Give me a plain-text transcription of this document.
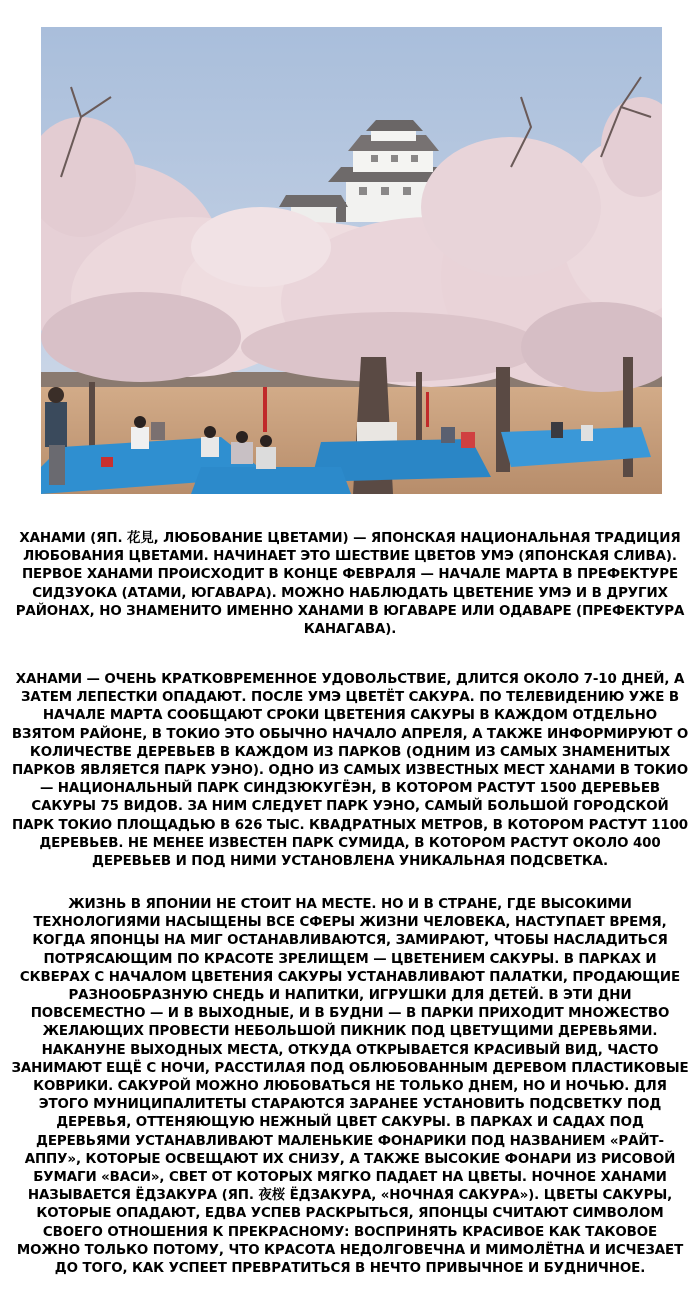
ХАНАМИ (ЯП. 花見, ЛЮБОВАНИЕ ЦВЕТАМИ) — ЯПОНСКАЯ НАЦИОНАЛЬНАЯ ТРАДИЦИЯ ЛЮБОВАНИЯ ЦВЕТАМИ. НАЧИНАЕТ ЭТО ШЕСТВИЕ ЦВЕТОВ УМЭ (ЯПОНСКАЯ СЛИВА). ПЕРВОЕ ХАНАМИ ПРОИСХОДИТ В КОНЦЕ ФЕВРАЛЯ — НАЧАЛЕ МАРТА В ПРЕФЕКТУРЕ СИДЗУОКА (АТАМИ, ЮГАВАРА). МОЖНО НАБЛЮДАТЬ ЦВЕТЕНИЕ УМЭ И В ДРУГИХ РАЙОНАХ, НО ЗНАМЕНИТО ИМЕННО ХАНАМИ В ЮГАВАРЕ ИЛИ ОДАВАРЕ (ПРЕФЕКТУРА КАНАГАВА).

ХАНАМИ — ОЧЕНЬ КРАТКОВРЕМЕННОЕ УДОВОЛЬСТВИЕ, ДЛИТСЯ ОКОЛО 7-10 ДНЕЙ, А ЗАТЕМ ЛЕПЕСТКИ ОПАДАЮТ. ПОСЛЕ УМЭ ЦВЕТЁТ САКУРА. ПО ТЕЛЕВИДЕНИЮ УЖЕ В НАЧАЛЕ МАРТА СООБЩАЮТ СРОКИ ЦВЕТЕНИЯ САКУРЫ В КАЖДОМ ОТДЕЛЬНО ВЗЯТОМ РАЙОНЕ, В ТОКИО ЭТО ОБЫЧНО НАЧАЛО АПРЕЛЯ, А ТАКЖЕ ИНФОРМИРУЮТ О КОЛИЧЕСТВЕ ДЕРЕВЬЕВ В КАЖДОМ ИЗ ПАРКОВ (ОДНИМ ИЗ САМЫХ ЗНАМЕНИТЫХ ПАРКОВ ЯВЛЯЕТСЯ ПАРК УЭНО). ОДНО ИЗ САМЫХ ИЗВЕСТНЫХ МЕСТ ХАНАМИ В ТОКИО — НАЦИОНАЛЬНЫЙ ПАРК СИНДЗЮКУГЁЭН, В КОТОРОМ РАСТУТ 1500 ДЕРЕВЬЕВ САКУРЫ 75 ВИДОВ. ЗА НИМ СЛЕДУЕТ ПАРК УЭНО, САМЫЙ БОЛЬШОЙ ГОРОДСКОЙ ПАРК ТОКИО ПЛОЩАДЬЮ В 626 ТЫС. КВАДРАТНЫХ МЕТРОВ, В КОТОРОМ РАСТУТ 1100 ДЕРЕВЬЕВ. НЕ МЕНЕЕ ИЗВЕСТЕН ПАРК СУМИДА, В КОТОРОМ РАСТУТ ОКОЛО 400 ДЕРЕВЬЕВ И ПОД НИМИ УСТАНОВЛЕНА УНИКАЛЬНАЯ ПОДСВЕТКА.

ЖИЗНЬ В ЯПОНИИ НЕ СТОИТ НА МЕСТЕ. НО И В СТРАНЕ, ГДЕ ВЫСОКИМИ ТЕХНОЛОГИЯМИ НАСЫЩЕНЫ ВСЕ СФЕРЫ ЖИЗНИ ЧЕЛОВЕКА, НАСТУПАЕТ ВРЕМЯ, КОГДА ЯПОНЦЫ НА МИГ ОСТАНАВЛИВАЮТСЯ, ЗАМИРАЮТ, ЧТОБЫ НАСЛАДИТЬСЯ ПОТРЯСАЮЩИМ ПО КРАСОТЕ ЗРЕЛИЩЕМ — ЦВЕТЕНИЕМ САКУРЫ. В ПАРКАХ И СКВЕРАХ С НАЧАЛОМ ЦВЕТЕНИЯ САКУРЫ УСТАНАВЛИВАЮТ ПАЛАТКИ, ПРОДАЮЩИЕ РАЗНООБРАЗНУЮ СНЕДЬ И НАПИТКИ, ИГРУШКИ ДЛЯ ДЕТЕЙ. В ЭТИ ДНИ ПОВСЕМЕСТНО — И В ВЫХОДНЫЕ, И В БУДНИ — В ПАРКИ ПРИХОДИТ МНОЖЕСТВО ЖЕЛАЮЩИХ ПРОВЕСТИ НЕБОЛЬШОЙ ПИКНИК ПОД ЦВЕТУЩИМИ ДЕРЕВЬЯМИ. НАКАНУНЕ ВЫХОДНЫХ МЕСТА, ОТКУДА ОТКРЫВАЕТСЯ КРАСИВЫЙ ВИД, ЧАСТО ЗАНИМАЮТ ЕЩЁ С НОЧИ, РАССТИЛАЯ ПОД ОБЛЮБОВАННЫМ ДЕРЕВОМ ПЛАСТИКОВЫЕ КОВРИКИ. САКУРОЙ МОЖНО ЛЮБОВАТЬСЯ НЕ ТОЛЬКО ДНЕМ, НО И НОЧЬЮ. ДЛЯ ЭТОГО МУНИЦИПАЛИТЕТЫ СТАРАЮТСЯ ЗАРАНЕЕ УСТАНОВИТЬ ПОДСВЕТКУ ПОД ДЕРЕВЬЯ, ОТТЕНЯЮЩУЮ НЕЖНЫЙ ЦВЕТ САКУРЫ. В ПАРКАХ И САДАХ ПОД ДЕРЕВЬЯМИ УСТАНАВЛИВАЮТ МАЛЕНЬКИЕ ФОНАРИКИ ПОД НАЗВАНИЕМ «РАЙТ-АППУ», КОТОРЫЕ ОСВЕЩАЮТ ИХ СНИЗУ, А ТАКЖЕ ВЫСОКИЕ ФОНАРИ ИЗ РИСОВОЙ БУМАГИ «ВАСИ», СВЕТ ОТ КОТОРЫХ МЯГКО ПАДАЕТ НА ЦВЕТЫ. НОЧНОЕ ХАНАМИ НАЗЫВАЕТСЯ ЁДЗАКУРА (ЯП. 夜桜 ЁДЗАКУРА, «НОЧНАЯ САКУРА»). ЦВЕТЫ САКУРЫ, КОТОРЫЕ ОПАДАЮТ, ЕДВА УСПЕВ РАСКРЫТЬСЯ, ЯПОНЦЫ СЧИТАЮТ СИМВОЛОМ СВОЕГО ОТНОШЕНИЯ К ПРЕКРАСНОМУ: ВОСПРИНЯТЬ КРАСИВОЕ КАК ТАКОВОЕ МОЖНО ТОЛЬКО ПОТОМУ, ЧТО КРАСОТА НЕДОЛГОВЕЧНА И МИМОЛЁТНА И ИСЧЕЗАЕТ ДО ТОГО, КАК УСПЕЕТ ПРЕВРАТИТЬСЯ В НЕЧТО ПРИВЫЧНОЕ И БУДНИЧНОЕ.
